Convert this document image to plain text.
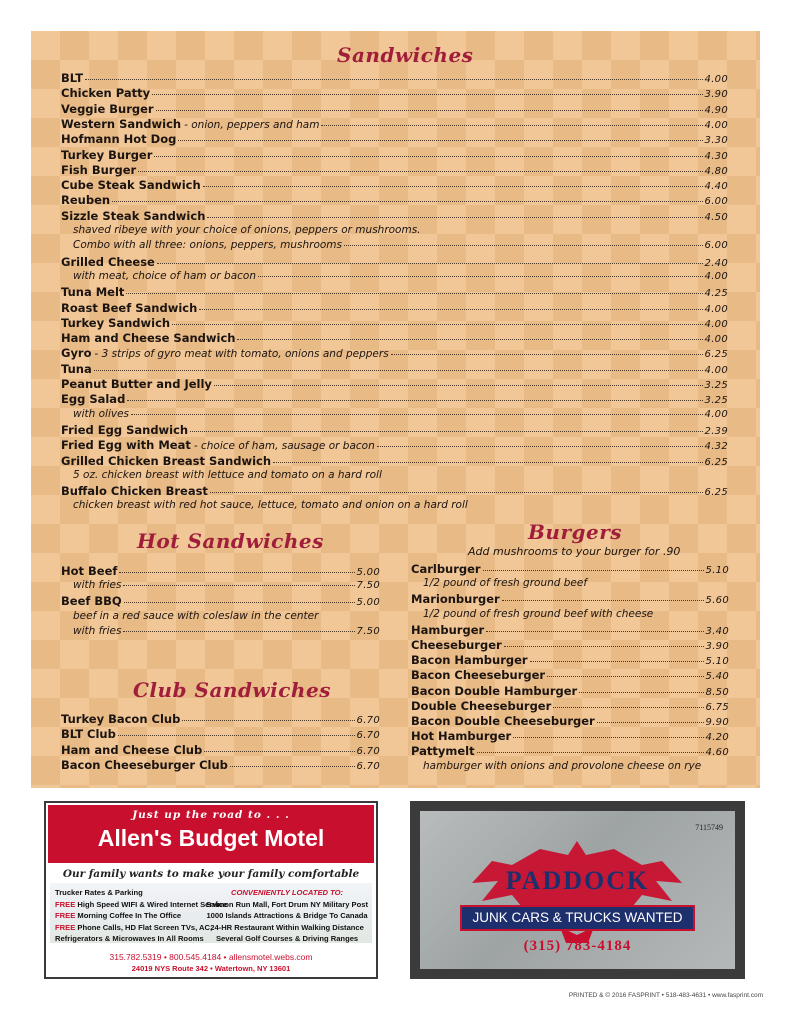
Sandwiches
BLT	4.00
Chicken Patty	3.90
Veggie Burger	4.90
Western Sandwich - onion, peppers and ham	4.00
Hofmann Hot Dog	3.30
Turkey Burger	4.30
Fish Burger	4.80
Cube Steak Sandwich	4.40
Reuben	6.00
Sizzle Steak Sandwich	4.50
shaved ribeye with your choice of onions, peppers or mushrooms.
Combo with all three: onions, peppers, mushrooms	6.00
Grilled Cheese	2.40
with meat, choice of ham or bacon	4.00
Tuna Melt	4.25
Roast Beef Sandwich	4.00
Turkey Sandwich	4.00
Ham and Cheese Sandwich	4.00
Gyro - 3 strips of gyro meat with tomato, onions and peppers	6.25
Tuna	4.00
Peanut Butter and Jelly	3.25
Egg Salad	3.25
with olives	4.00
Fried Egg Sandwich	2.39
Fried Egg with Meat - choice of ham, sausage or bacon	4.32
Grilled Chicken Breast Sandwich	6.25
5 oz. chicken breast with lettuce and tomato on a hard roll
Buffalo Chicken Breast	6.25
chicken breast with red hot sauce, lettuce, tomato and onion on a hard roll
Hot Sandwiches
Hot Beef	5.00
with fries	7.50
Beef BBQ	5.00
beef in a red sauce with coleslaw in the center
with fries	7.50
Club Sandwiches
Turkey Bacon Club	6.70
BLT Club	6.70
Ham and Cheese Club	6.70
Bacon Cheeseburger Club	6.70
Burgers
Add mushrooms to your burger for .90
Carlburger	5.10
1/2 pound of fresh ground beef
Marionburger	5.60
1/2 pound of fresh ground beef with cheese
Hamburger	3.40
Cheeseburger	3.90
Bacon Hamburger	5.10
Bacon Cheeseburger	5.40
Bacon Double Hamburger	8.50
Double Cheeseburger	6.75
Bacon Double Cheeseburger	9.90
Hot Hamburger	4.20
Pattymelt	4.60
hamburger with onions and provolone cheese on rye
Just up the road to . . .
Allen's Budget Motel
Our family wants to make your family comfortable
Trucker Rates & Parking
FREE High Speed WIFI & Wired Internet Service
FREE Morning Coffee In The Office
FREE Phone Calls, HD Flat Screen TVs, AC,
Refrigerators & Microwaves In All Rooms
CONVENIENTLY LOCATED TO:
Salmon Run Mall, Fort Drum NY Military Post
1000 Islands Attractions & Bridge To Canada
24-HR Restaurant Within Walking Distance
Several Golf Courses & Driving Ranges
315.782.5319 • 800.545.4184 • allensmotel.webs.com
24019 NYS Route 342 • Watertown, NY 13601
7115749
PADDOCK
JUNK CARS & TRUCKS WANTED
(315) 783-4184
PRINTED & © 2016 FASPRINT • 518-483-4631 • www.fasprint.com
